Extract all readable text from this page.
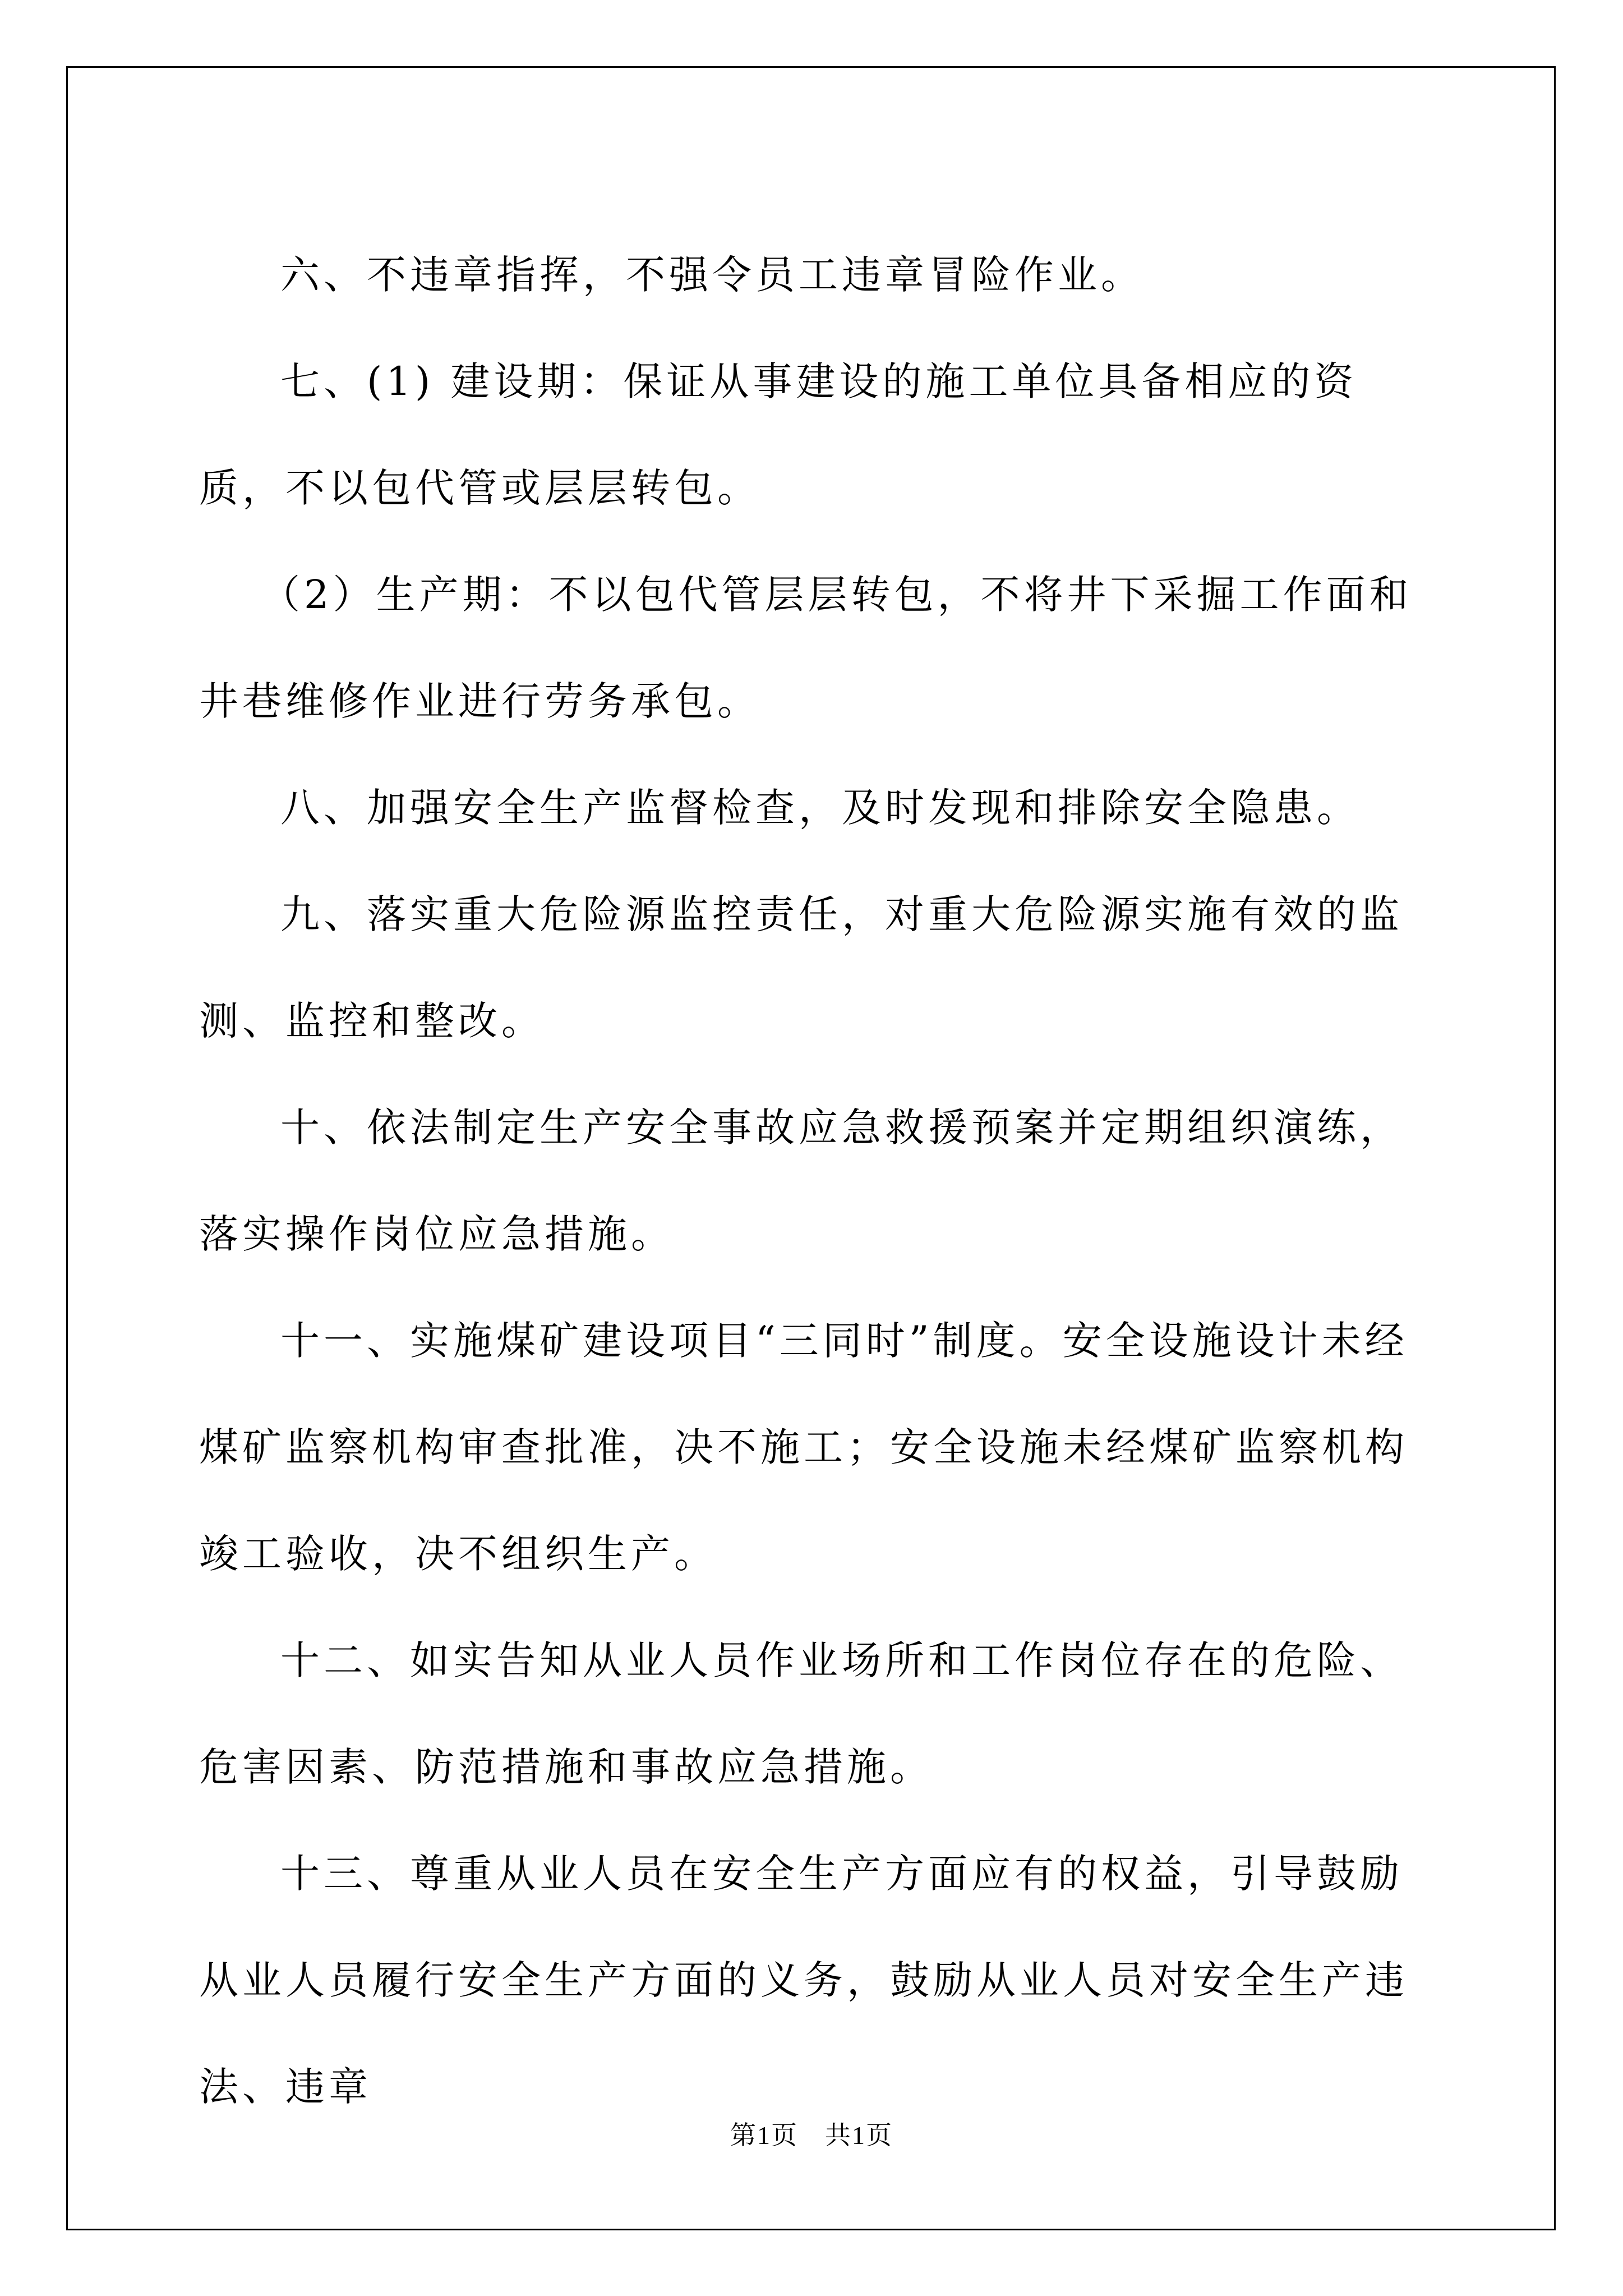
六、不违章指挥，不强令员工违章冒险作业。

七、(1) 建设期：保证从事建设的施工单位具备相应的资质，不以包代管或层层转包。

（2）生产期：不以包代管层层转包，不将井下采掘工作面和井巷维修作业进行劳务承包。

八、加强安全生产监督检查，及时发现和排除安全隐患。

九、落实重大危险源监控责任，对重大危险源实施有效的监测、监控和整改。

十、依法制定生产安全事故应急救援预案并定期组织演练，落实操作岗位应急措施。

十一、实施煤矿建设项目“三同时”制度。安全设施设计未经煤矿监察机构审查批准，决不施工；安全设施未经煤矿监察机构竣工验收，决不组织生产。

十二、如实告知从业人员作业场所和工作岗位存在的危险、危害因素、防范措施和事故应急措施。

十三、尊重从业人员在安全生产方面应有的权益，引导鼓励从业人员履行安全生产方面的义务，鼓励从业人员对安全生产违法、违章

第1页　共1页
